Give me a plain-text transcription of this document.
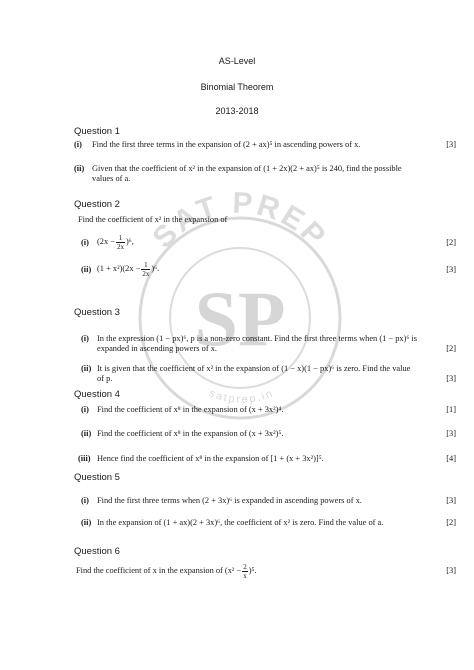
SAT PREP
SP
satprep.in
AS-Level
Binomial Theorem
2013-2018
Question 1
(i) Find the first three terms in the expansion of (2 + ax)⁵ in ascending powers of x.	[3]
(ii) Given that the coefficient of x² in the expansion of (1 + 2x)(2 + ax)⁵ is 240, find the possible
values of a.
Question 2
Find the coefficient of x² in the expansion of
(i) $(2x - \frac{1}{2x} )^6$,	[2]
(ii) $(1 + x^2)(2x - \frac{1}{2x} )^6$.	[3]
Question 3
(i) In the expression (1 − px)⁶, p is a non-zero constant. Find the first three terms when (1 − px)⁶ is
expanded in ascending powers of x.	[2]
(ii) It is given that the coefficient of x² in the expansion of (1 − x)(1 − px)⁶ is zero. Find the value
of p.	[3]
Question 4
(i) Find the coefficient of x⁸ in the expansion of (x + 3x²)⁴.	[1]
(ii) Find the coefficient of x⁸ in the expansion of (x + 3x²)⁵.	[3]
(iii) Hence find the coefficient of x⁸ in the expansion of [1 + (x + 3x²)]⁵.	[4]
Question 5
(i) Find the first three terms when (2 + 3x)⁶ is expanded in ascending powers of x.	[3]
(ii) In the expansion of (1 + ax)(2 + 3x)⁶, the coefficient of x² is zero. Find the value of a.	[2]
Question 6
Find the coefficient of x in the expansion of $(x^2 - \frac{2}{x} )^5$.	[3]
